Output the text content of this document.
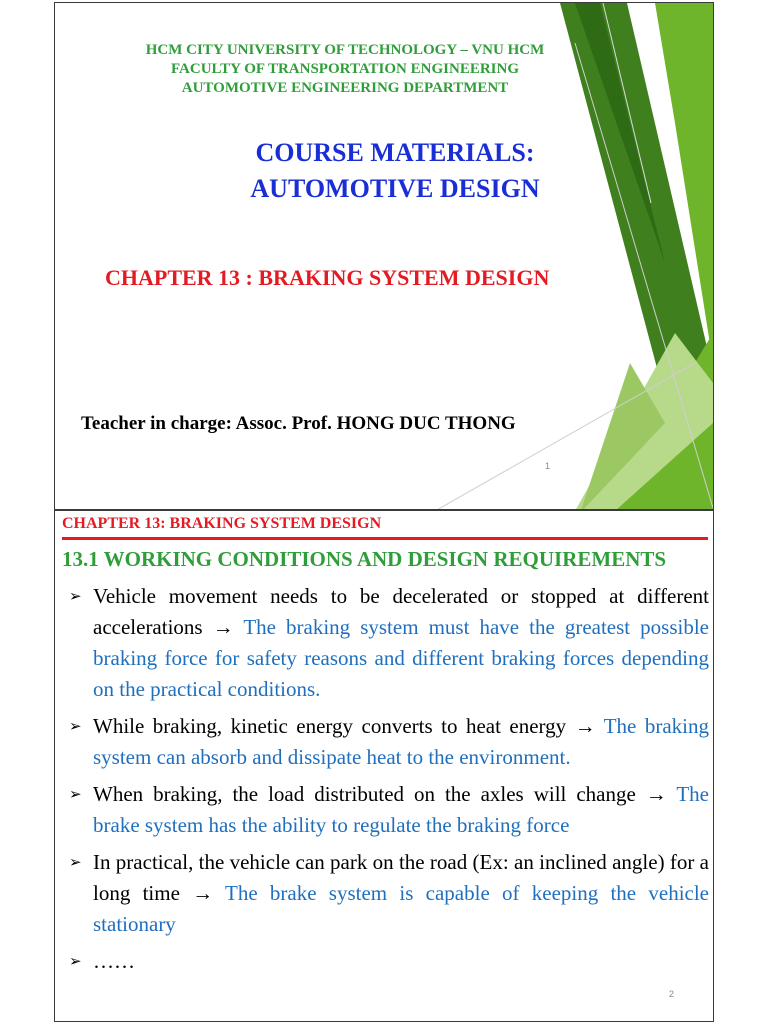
HCM CITY UNIVERSITY OF TECHNOLOGY – VNU HCM
FACULTY OF TRANSPORTATION ENGINEERING
AUTOMOTIVE ENGINEERING DEPARTMENT
COURSE MATERIALS:
AUTOMOTIVE DESIGN
CHAPTER 13 : BRAKING SYSTEM DESIGN
Teacher in charge: Assoc. Prof. HONG DUC THONG
1
CHAPTER 13: BRAKING SYSTEM DESIGN
13.1 WORKING CONDITIONS AND DESIGN REQUIREMENTS
➢ Vehicle movement needs to be decelerated or stopped at different accelerations → The braking system must have the greatest possible braking force for safety reasons and different braking forces depending on the practical conditions.
➢ While braking, kinetic energy converts to heat energy → The braking system can absorb and dissipate heat to the environment.
➢ When braking, the load distributed on the axles will change → The brake system has the ability to regulate the braking force
➢ In practical, the vehicle can park on the road (Ex: an inclined angle) for a long time → The brake system is capable of keeping the vehicle stationary
➢ ……
2
